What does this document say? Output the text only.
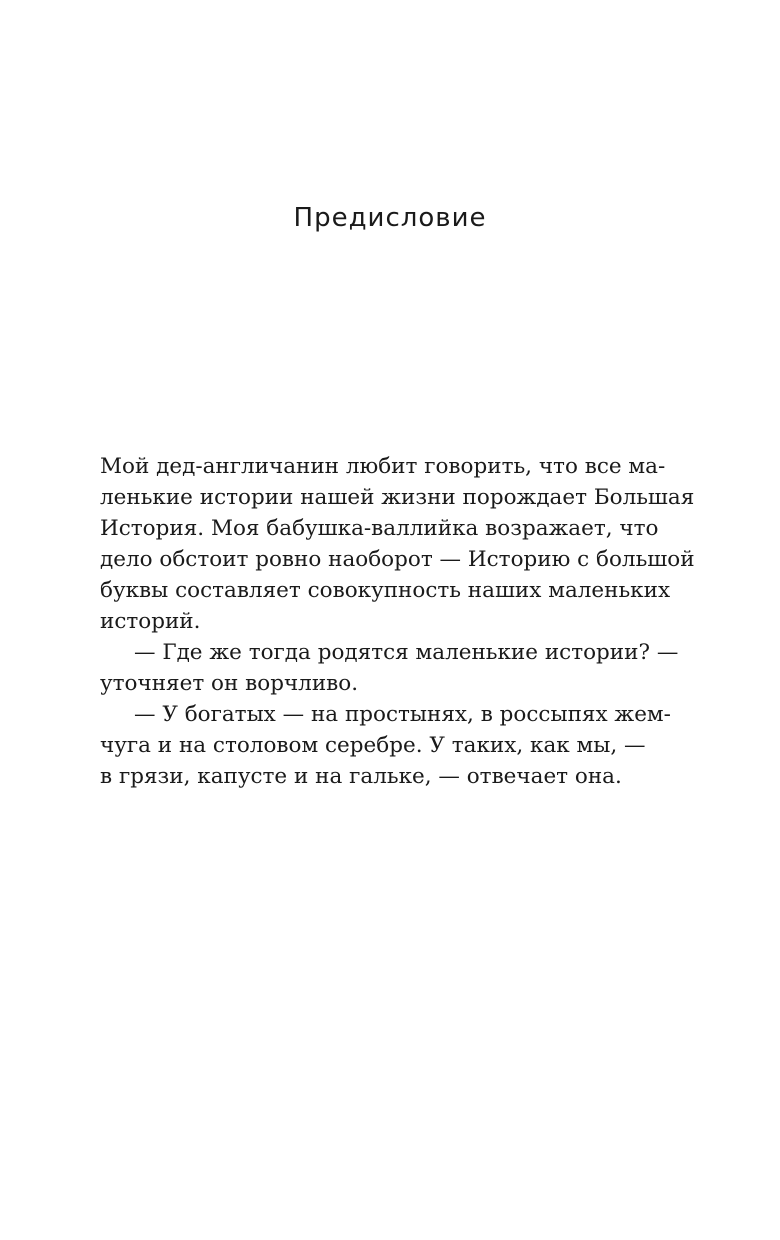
Предисловие
Мой дед-англичанин любит говорить, что все ма-
ленькие истории нашей жизни порождает Большая
История. Моя бабушка-валлийка возражает, что
дело обстоит ровно наоборот — Историю с большой
буквы составляет совокупность наших маленьких
историй.
— Где же тогда родятся маленькие истории? —
уточняет он ворчливо.
— У богатых — на простынях, в россыпях жем-
чуга и на столовом серебре. У таких, как мы, —
в грязи, капусте и на гальке, — отвечает она.
